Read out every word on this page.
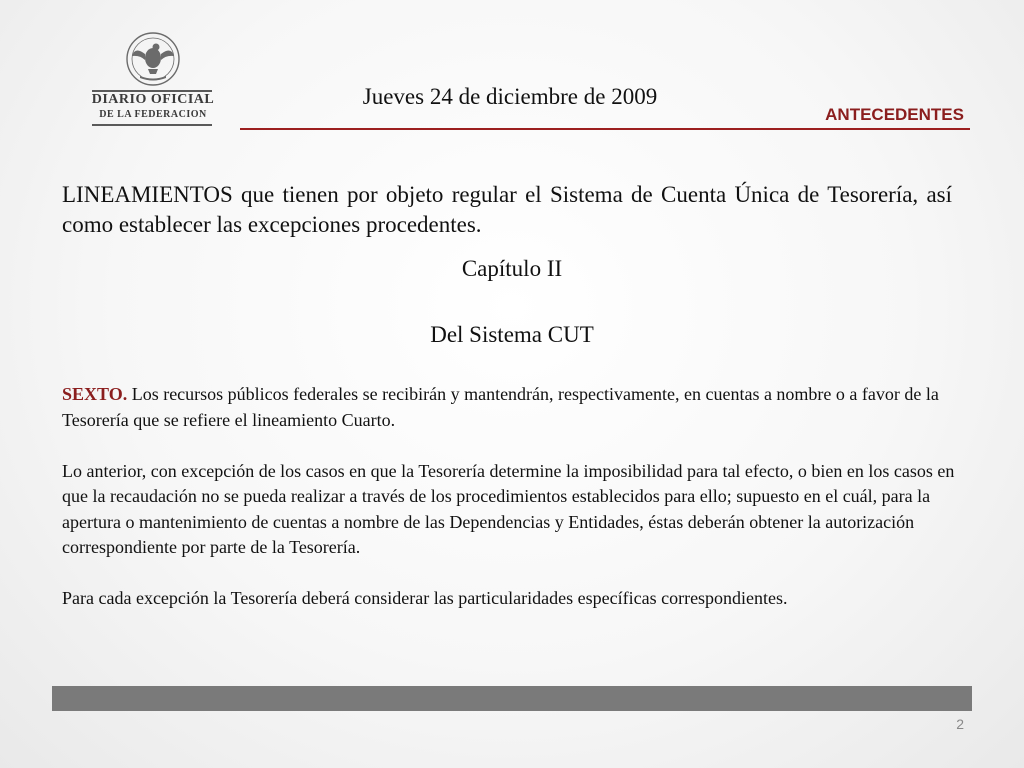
DIARIO OFICIAL
DE LA FEDERACION
Jueves 24 de diciembre de 2009
ANTECEDENTES
LINEAMIENTOS que tienen por objeto regular el Sistema de Cuenta Única de Tesorería, así como establecer las excepciones procedentes.
Capítulo II
Del Sistema CUT

SEXTO. Los recursos públicos federales se recibirán y mantendrán, respectivamente, en cuentas a nombre o a favor de la Tesorería que se refiere el lineamiento Cuarto.

Lo anterior, con excepción de los casos en que la Tesorería determine la imposibilidad para tal efecto, o bien en los casos en que la recaudación no se pueda realizar a través de los procedimientos establecidos para ello; supuesto en el cuál, para la apertura o mantenimiento de cuentas a nombre de las Dependencias y Entidades, éstas deberán obtener la autorización correspondiente por parte de la Tesorería.

Para cada excepción la Tesorería deberá considerar las particularidades específicas correspondientes.

2
